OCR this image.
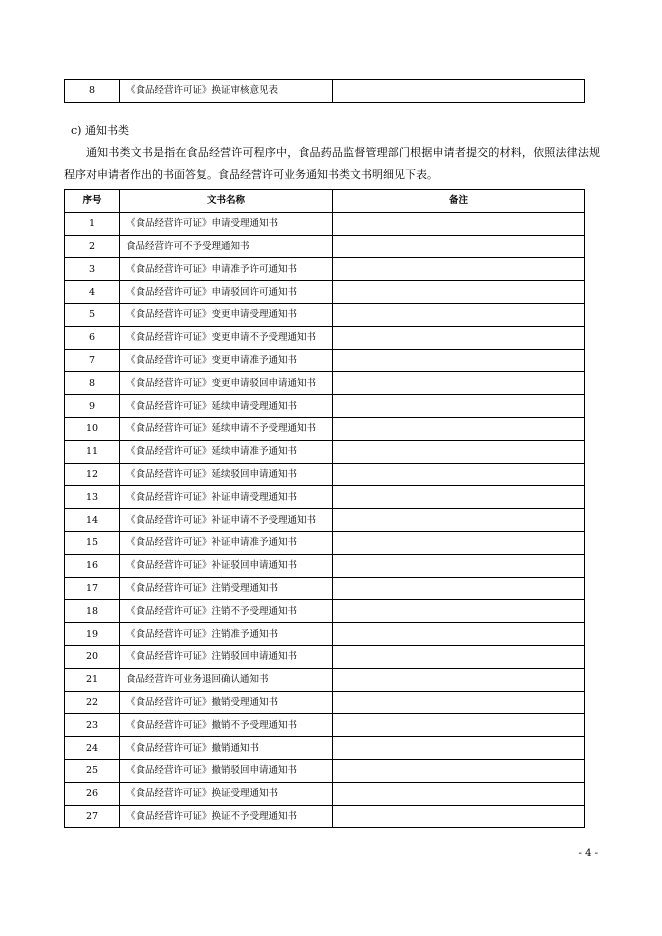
8	《食品经营许可证》换证审核意见表	
c) 通知书类
通知书类文书是指在食品经营许可程序中，食品药品监督管理部门根据申请者提交的材料，依照法律法规程序对申请者作出的书面答复。食品经营许可业务通知书类文书明细见下表。
序号	文书名称	备注
1	《食品经营许可证》申请受理通知书	
2	食品经营许可不予受理通知书	
3	《食品经营许可证》申请准予许可通知书	
4	《食品经营许可证》申请驳回许可通知书	
5	《食品经营许可证》变更申请受理通知书	
6	《食品经营许可证》变更申请不予受理通知书	
7	《食品经营许可证》变更申请准予通知书	
8	《食品经营许可证》变更申请驳回申请通知书	
9	《食品经营许可证》延续申请受理通知书	
10	《食品经营许可证》延续申请不予受理通知书	
11	《食品经营许可证》延续申请准予通知书	
12	《食品经营许可证》延续驳回申请通知书	
13	《食品经营许可证》补证申请受理通知书	
14	《食品经营许可证》补证申请不予受理通知书	
15	《食品经营许可证》补证申请准予通知书	
16	《食品经营许可证》补证驳回申请通知书	
17	《食品经营许可证》注销受理通知书	
18	《食品经营许可证》注销不予受理通知书	
19	《食品经营许可证》注销准予通知书	
20	《食品经营许可证》注销驳回申请通知书	
21	食品经营许可业务退回确认通知书	
22	《食品经营许可证》撤销受理通知书	
23	《食品经营许可证》撤销不予受理通知书	
24	《食品经营许可证》撤销通知书	
25	《食品经营许可证》撤销驳回申请通知书	
26	《食品经营许可证》换证受理通知书	
27	《食品经营许可证》换证不予受理通知书	
- 4 -
